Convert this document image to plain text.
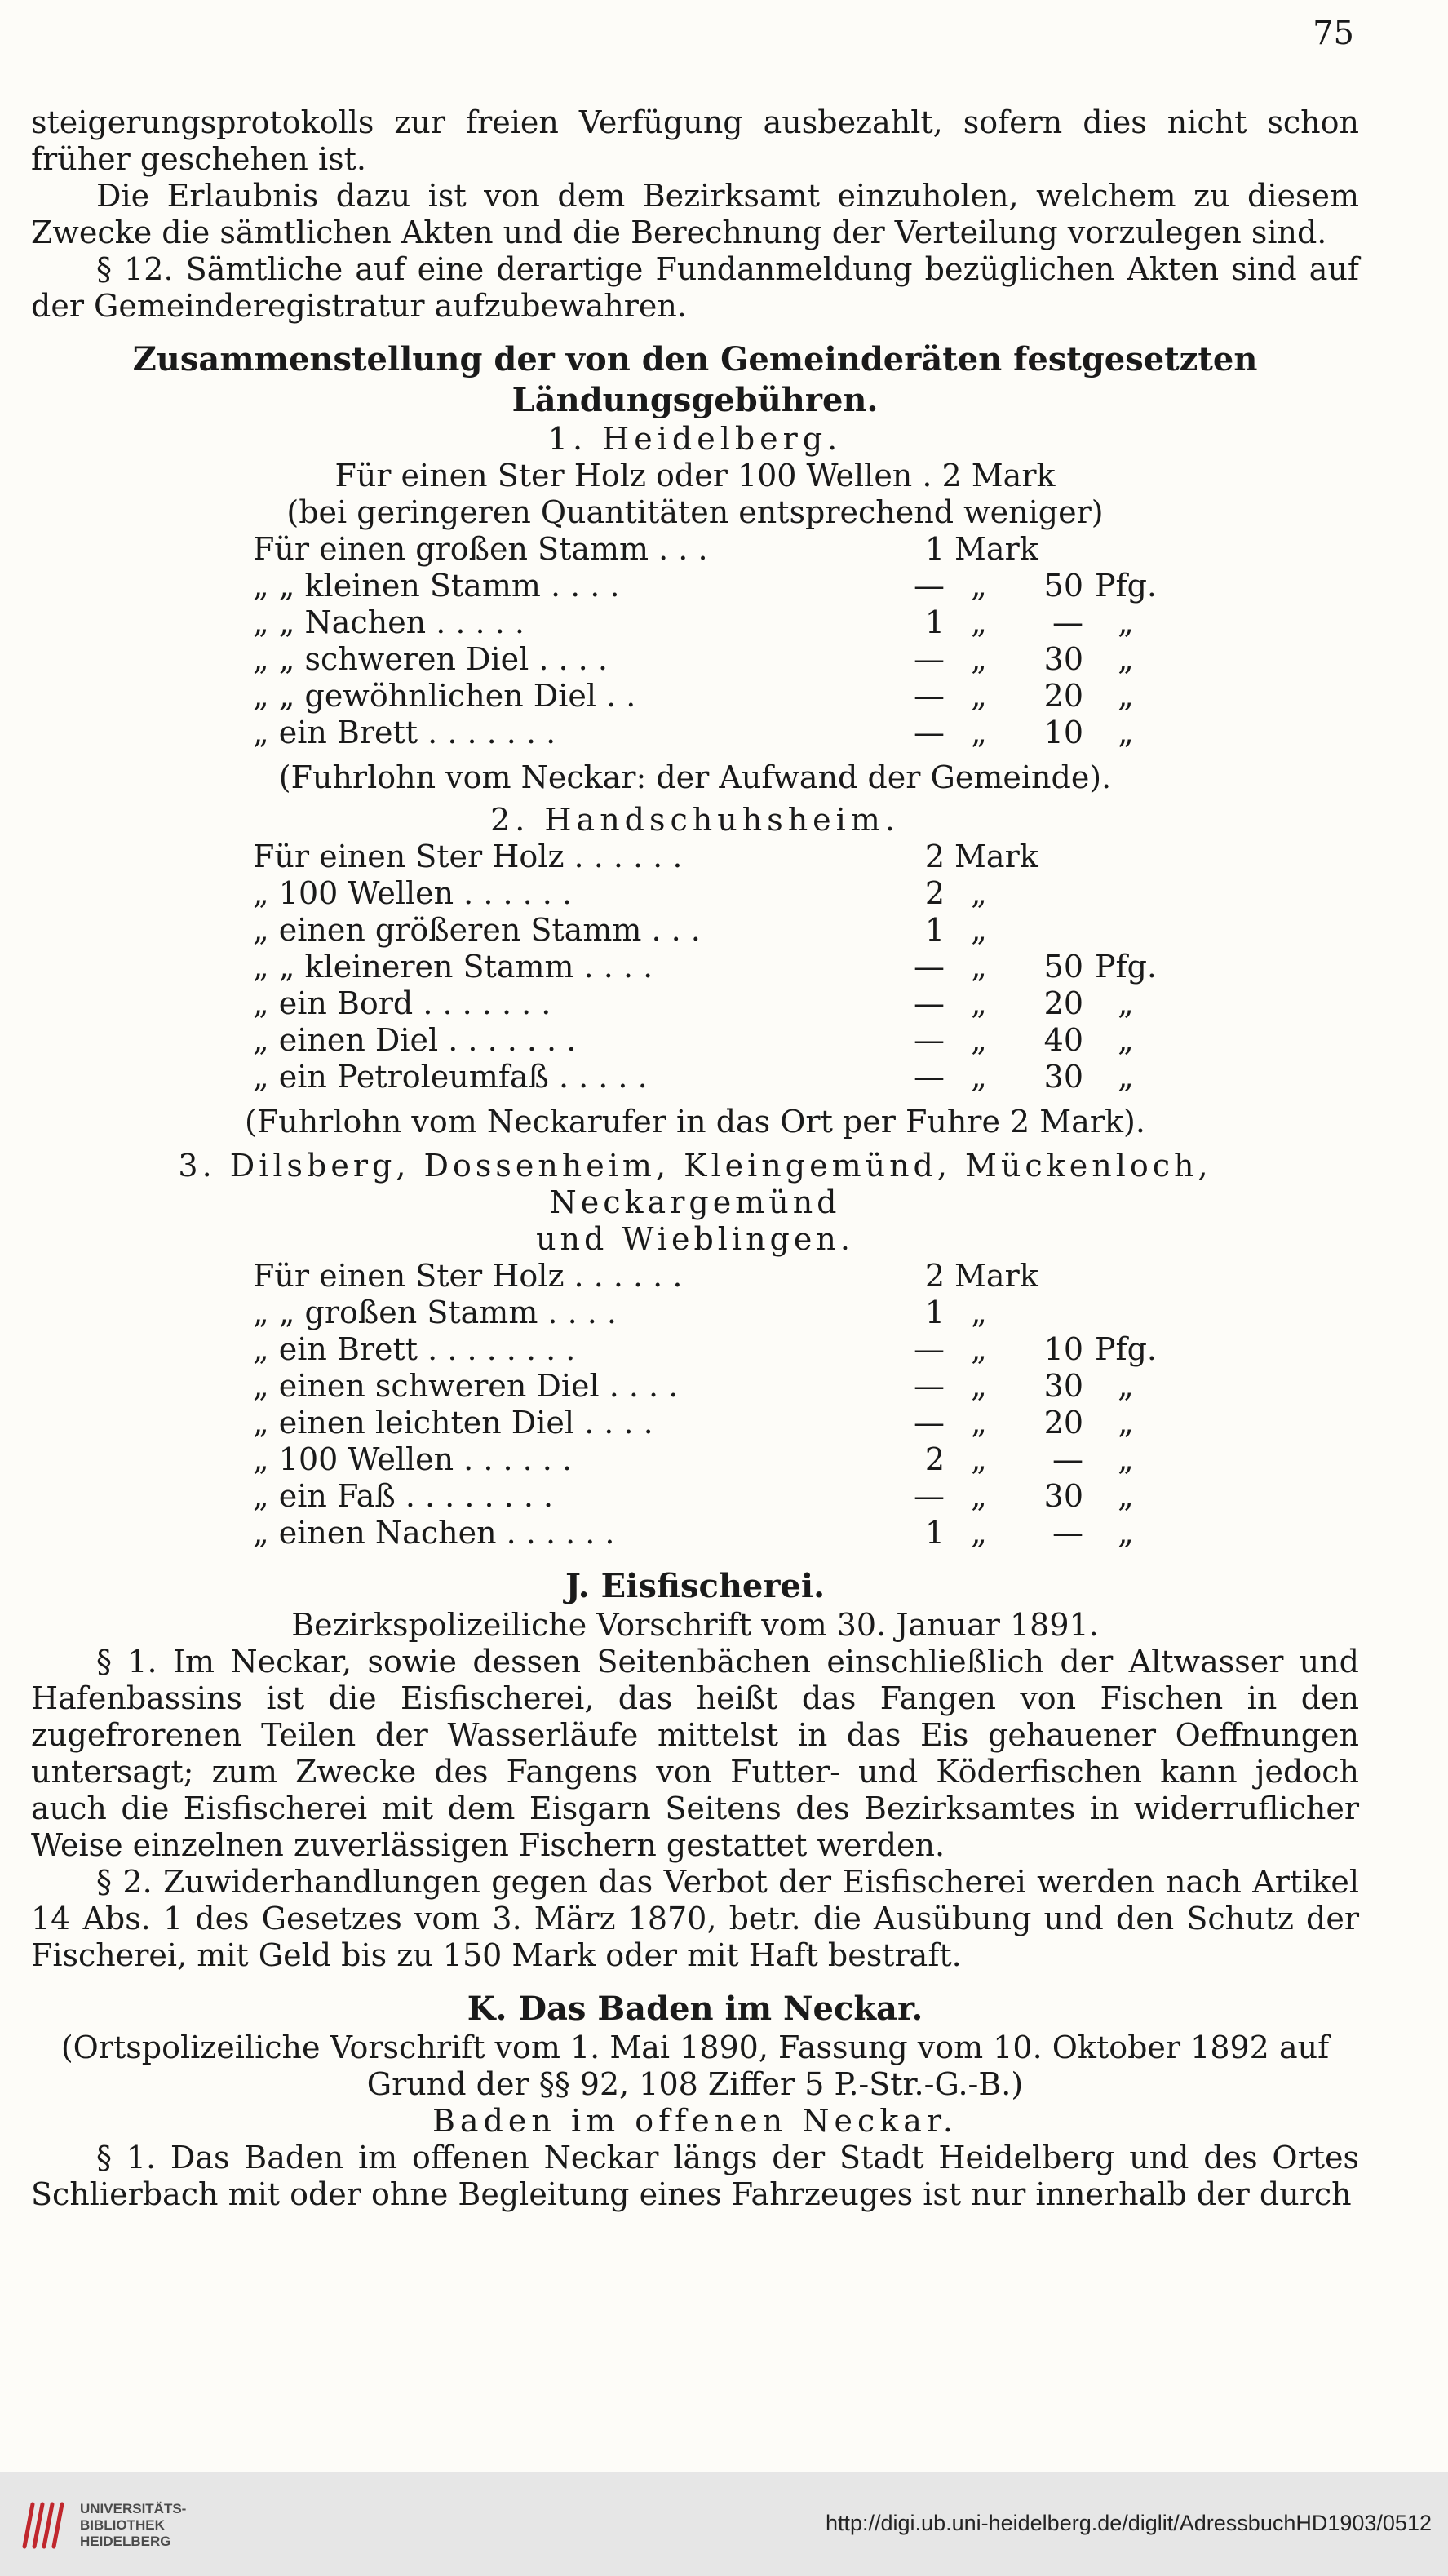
75

steigerungsprotokolls zur freien Verfügung ausbezahlt, sofern dies nicht schon früher geschehen ist.

Die Erlaubnis dazu ist von dem Bezirksamt einzuholen, welchem zu diesem Zwecke die sämtlichen Akten und die Berechnung der Verteilung vorzulegen sind.

§ 12. Sämtliche auf eine derartige Fundanmeldung bezüglichen Akten sind auf der Gemeinderegistratur aufzubewahren.

Zusammenstellung der von den Gemeinderäten festgesetzten
Ländungsgebühren.
1. Heidelberg.
Für einen Ster Holz oder 100 Wellen . 2 Mark
(bei geringeren Quantitäten entsprechend weniger)
Für einen großen Stamm . . .	1 Mark
„ „ kleinen Stamm . . . .	— „	50 Pfg.
„ „ Nachen . . . . .	1 „	—	„
„ „ schweren Diel . . . .	— „	30	„
„ „ gewöhnlichen Diel . .	— „	20	„
„ ein Brett . . . . . . .	— „	10	„
(Fuhrlohn vom Neckar: der Aufwand der Gemeinde).
2. Handschuhsheim.
Für einen Ster Holz . . . . . .	2 Mark
„ 100 Wellen . . . . . .	2 „
„ einen größeren Stamm . . .	1 „
„ „ kleineren Stamm . . . .	— „	50 Pfg.
„ ein Bord . . . . . . .	— „	20	„
„ einen Diel . . . . . . .	— „	40	„
„ ein Petroleumfaß . . . . .	— „	30	„
(Fuhrlohn vom Neckarufer in das Ort per Fuhre 2 Mark).
3. Dilsberg, Dossenheim, Kleingemünd, Mückenloch, Neckargemünd
und Wieblingen.
Für einen Ster Holz . . . . . .	2 Mark
„ „ großen Stamm . . . .	1 „
„ ein Brett . . . . . . . .	— „	10 Pfg.
„ einen schweren Diel . . . .	— „	30	„
„ einen leichten Diel . . . .	— „	20	„
„ 100 Wellen . . . . . .	2 „	—	„
„ ein Faß . . . . . . . .	— „	30	„
„ einen Nachen . . . . . .	1 „	—	„
J. Eisfischerei.
Bezirkspolizeiliche Vorschrift vom 30. Januar 1891.

§ 1. Im Neckar, sowie dessen Seitenbächen einschließlich der Altwasser und Hafenbassins ist die Eisfischerei, das heißt das Fangen von Fischen in den zugefrorenen Teilen der Wasserläufe mittelst in das Eis gehauener Oeffnungen untersagt; zum Zwecke des Fangens von Futter- und Köderfischen kann jedoch auch die Eisfischerei mit dem Eisgarn Seitens des Bezirksamtes in widerruflicher Weise einzelnen zuverlässigen Fischern gestattet werden.

§ 2. Zuwiderhandlungen gegen das Verbot der Eisfischerei werden nach Artikel 14 Abs. 1 des Gesetzes vom 3. März 1870, betr. die Ausübung und den Schutz der Fischerei, mit Geld bis zu 150 Mark oder mit Haft bestraft.

K. Das Baden im Neckar.
(Ortspolizeiliche Vorschrift vom 1. Mai 1890, Fassung vom 10. Oktober 1892 auf
Grund der §§ 92, 108 Ziffer 5 P.-Str.-G.-B.)
Baden im offenen Neckar.

§ 1. Das Baden im offenen Neckar längs der Stadt Heidelberg und des Ortes Schlierbach mit oder ohne Begleitung eines Fahrzeuges ist nur innerhalb der durch

UNIVERSITÄTS-
BIBLIOTHEK
HEIDELBERG
http://digi.ub.uni-heidelberg.de/diglit/AdressbuchHD1903/0512
